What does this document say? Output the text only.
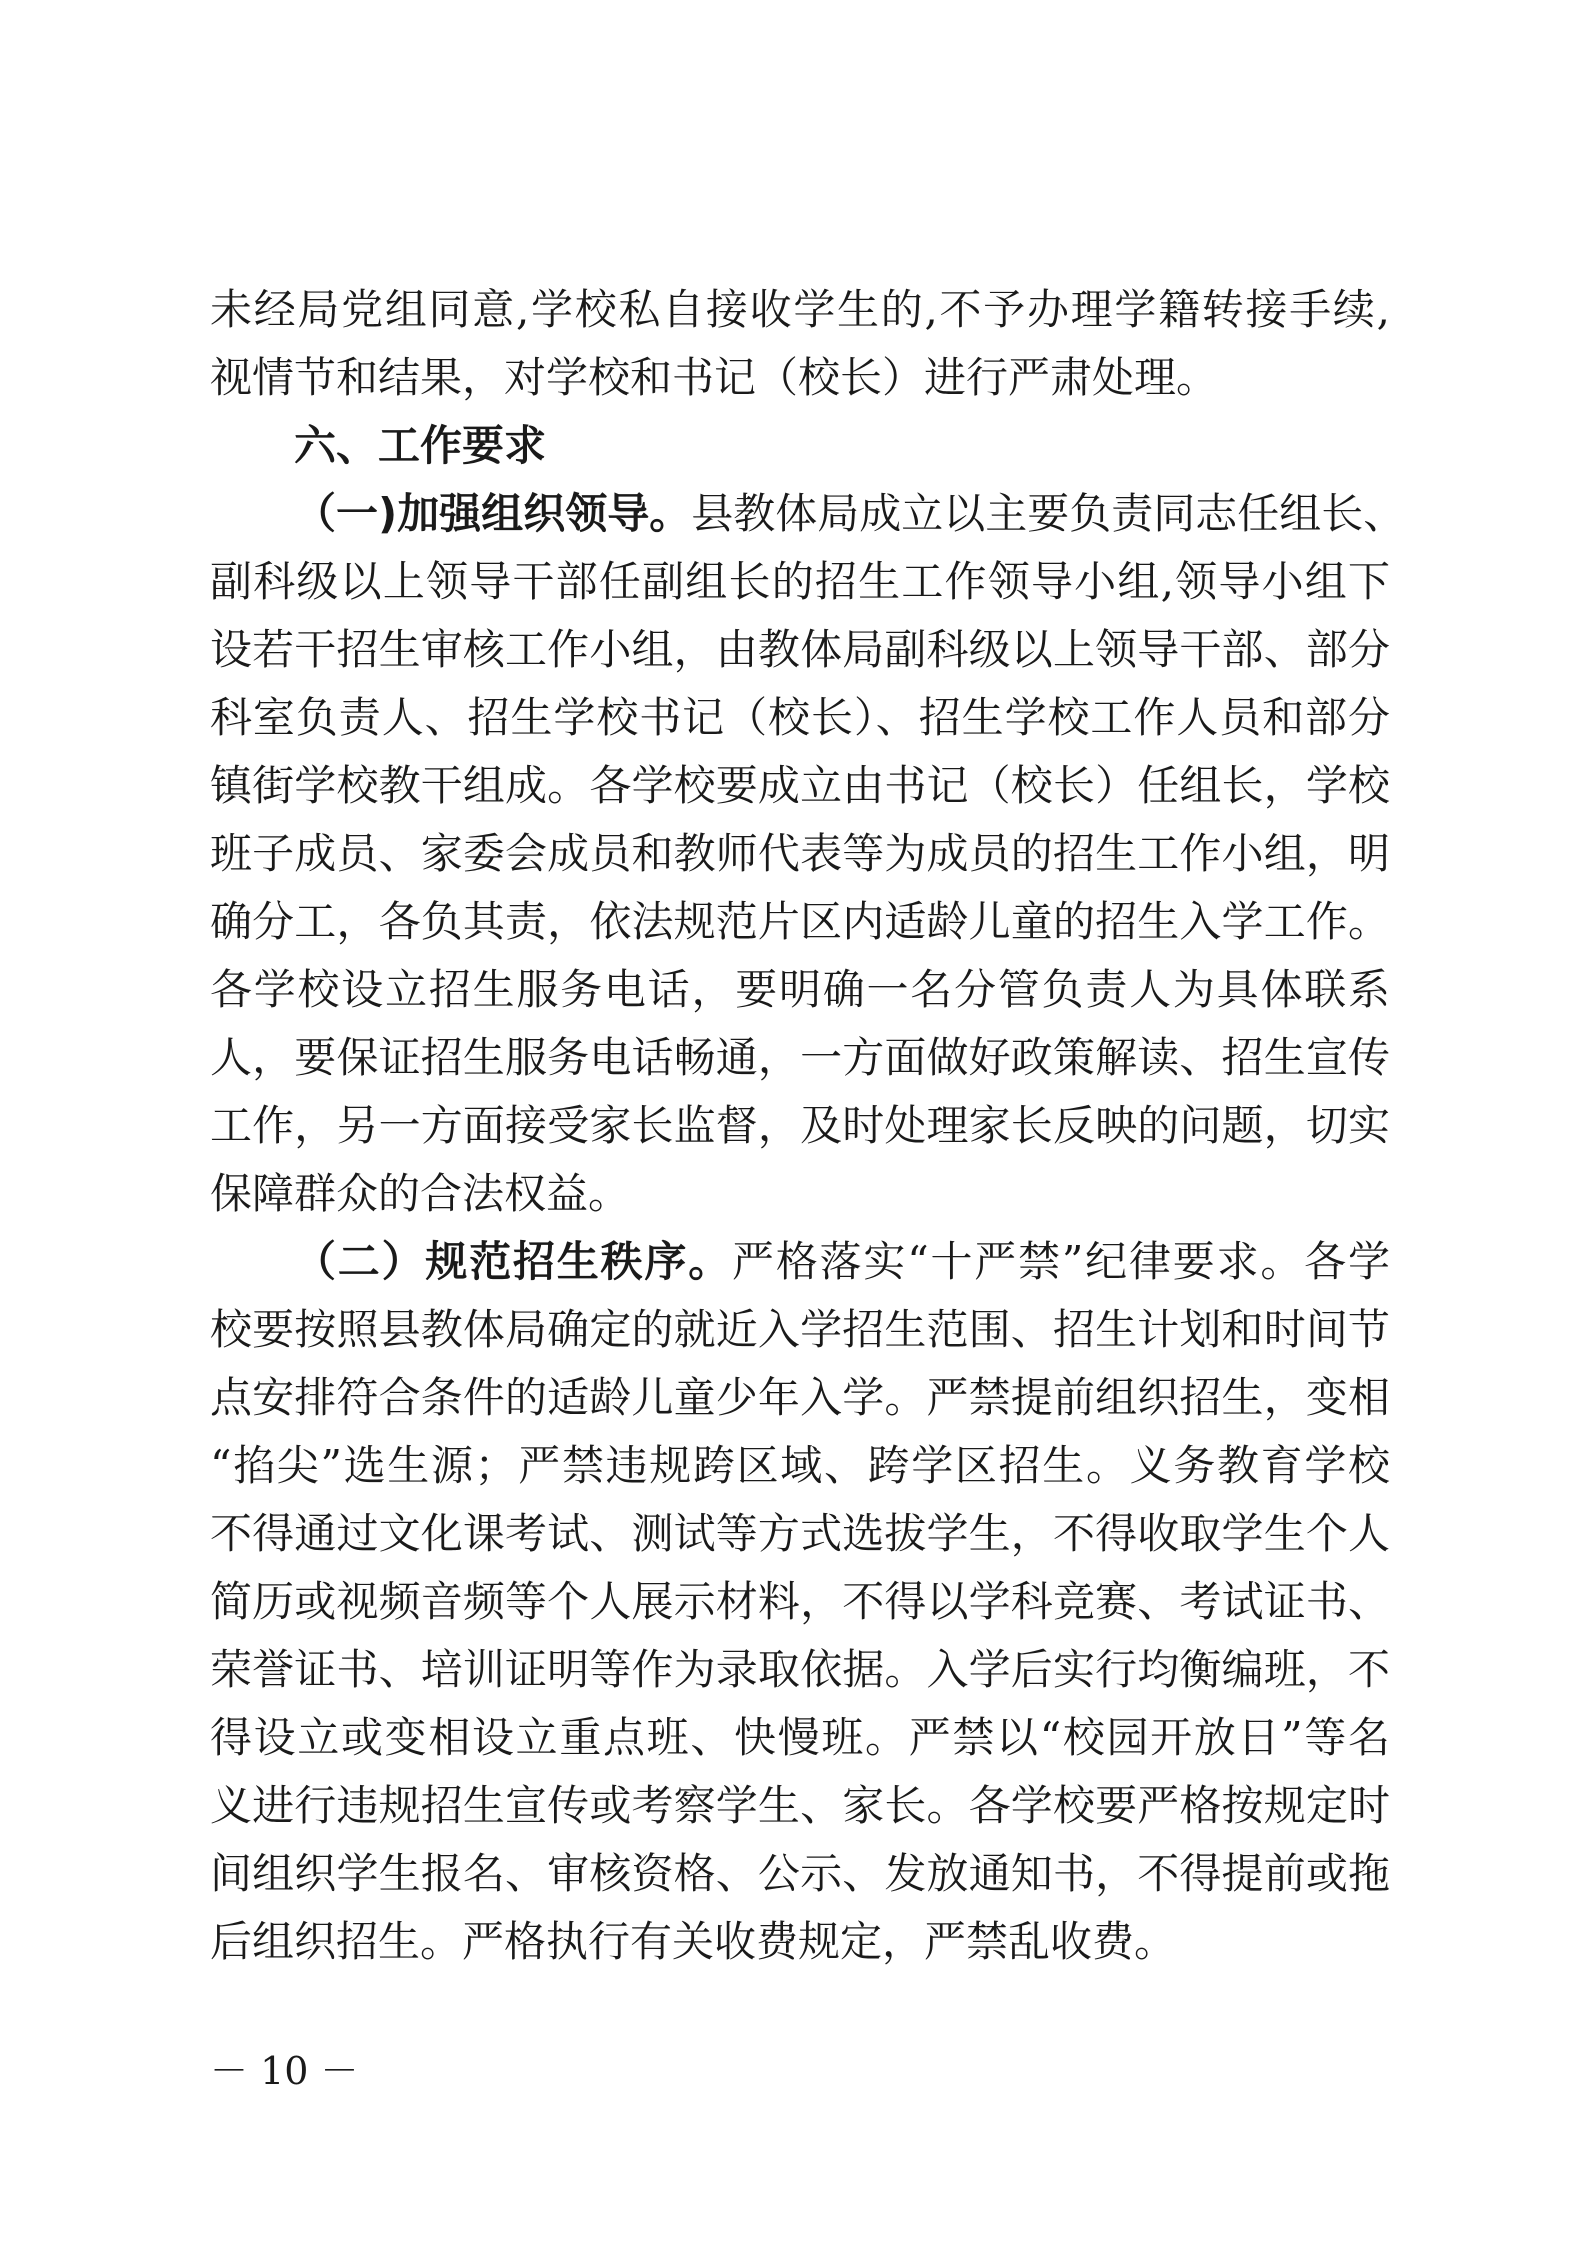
未经局党组同意,学校私自接收学生的,不予办理学籍转接手续,
视情节和结果，对学校和书记（校长）进行严肃处理。
六、工作要求
（一)加强组织领导。县教体局成立以主要负责同志任组长、
副科级以上领导干部任副组长的招生工作领导小组,领导小组下
设若干招生审核工作小组，由教体局副科级以上领导干部、部分
科室负责人、招生学校书记（校长）、招生学校工作人员和部分
镇街学校教干组成。各学校要成立由书记（校长）任组长，学校
班子成员、家委会成员和教师代表等为成员的招生工作小组，明
确分工，各负其责，依法规范片区内适龄儿童的招生入学工作。
各学校设立招生服务电话，要明确一名分管负责人为具体联系
人，要保证招生服务电话畅通，一方面做好政策解读、招生宣传
工作，另一方面接受家长监督，及时处理家长反映的问题，切实
保障群众的合法权益。
（二）规范招生秩序。严格落实“十严禁”纪律要求。各学
校要按照县教体局确定的就近入学招生范围、招生计划和时间节
点安排符合条件的适龄儿童少年入学。严禁提前组织招生，变相
“掐尖”选生源；严禁违规跨区域、跨学区招生。义务教育学校
不得通过文化课考试、测试等方式选拔学生，不得收取学生个人
简历或视频音频等个人展示材料，不得以学科竞赛、考试证书、
荣誉证书、培训证明等作为录取依据。入学后实行均衡编班，不
得设立或变相设立重点班、快慢班。严禁以“校园开放日”等名
义进行违规招生宣传或考察学生、家长。各学校要严格按规定时
间组织学生报名、审核资格、公示、发放通知书，不得提前或拖
后组织招生。严格执行有关收费规定，严禁乱收费。
－ 10 －
